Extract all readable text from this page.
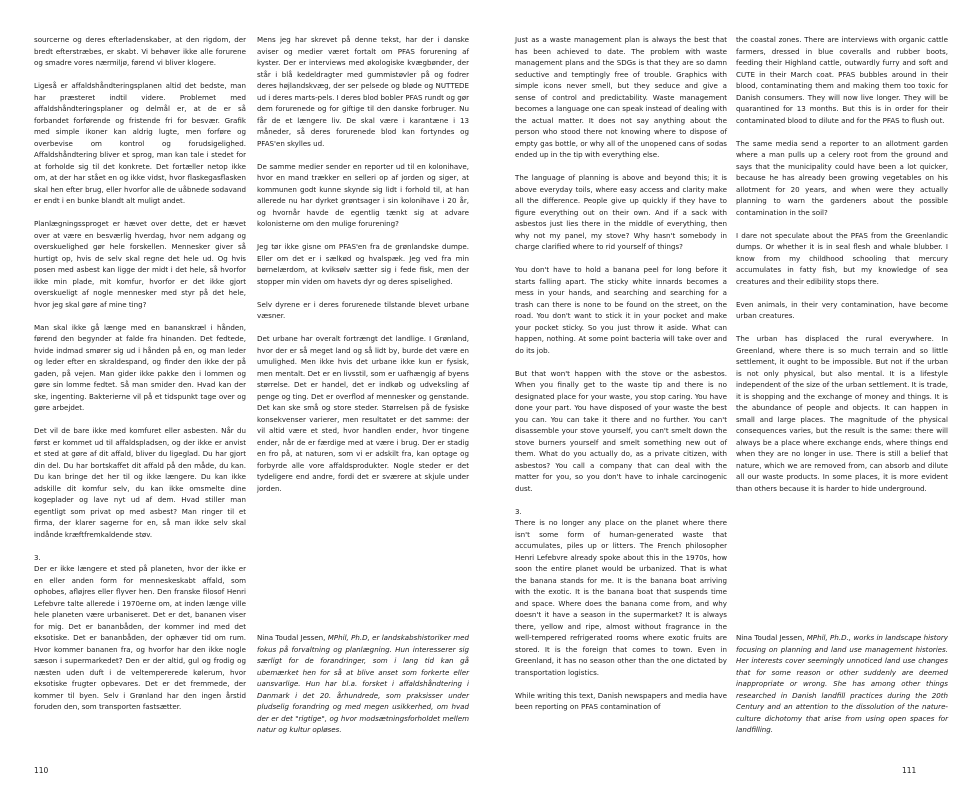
sourcerne og deres efterladenskaber, at den rigdom, der bredt efterstræbes, er skabt. Vi behøver ikke alle forurene og smadre vores nærmiljø, førend vi bliver klogere.

Ligeså er affaldshåndteringsplanen altid det bedste, man har præsteret indtil videre. Problemet med affaldshåndteringsplaner og delmål er, at de er så forbandet forførende og fristende fri for besvær. Grafik med simple ikoner kan aldrig lugte, men forføre og overbevise om kontrol og forudsigelighed. Affaldshåndtering bliver et sprog, man kan tale i stedet for at forholde sig til det konkrete. Det fortæller netop ikke om, at der har stået en og ikke vidst, hvor flaskegasflasken skal hen efter brug, eller hvorfor alle de uåbnede sodavand er endt i en bunke blandt alt muligt andet.

Planlægningssproget er hævet over dette, det er hævet over at være en besværlig hverdag, hvor nem adgang og overskuelighed gør hele forskellen. Mennesker giver så hurtigt op, hvis de selv skal regne det hele ud. Og hvis posen med asbest kan ligge der midt i det hele, så hvorfor ikke min plade, mit komfur, hvorfor er det ikke gjort overskueligt af nogle mennesker med styr på det hele, hvor jeg skal gøre af mine ting?

Man skal ikke gå længe med en bananskræl i hånden, førend den begynder at falde fra hinanden. Det fedtede, hvide indmad smører sig ud i hånden på en, og man leder og leder efter en skraldespand, og finder den ikke der på gaden, på vejen. Man gider ikke pakke den i lommen og gøre sin lomme fedtet. Så man smider den. Hvad kan der ske, ingenting. Bakterierne vil på et tidspunkt tage over og gøre arbejdet.

Det vil de bare ikke med komfuret eller asbesten. Når du først er kommet ud til affaldspladsen, og der ikke er anvist et sted at gøre af dit affald, bliver du ligeglad. Du har gjort din del. Du har bortskaffet dit affald på den måde, du kan. Du kan bringe det her til og ikke længere. Du kan ikke adskille dit komfur selv, du kan ikke omsmelte dine kogeplader og lave nyt ud af dem. Hvad stiller man egentligt som privat op med asbest? Man ringer til et firma, der klarer sagerne for en, så man ikke selv skal indånde kræftfremkaldende støv.

3.

Der er ikke længere et sted på planeten, hvor der ikke er en eller anden form for menneskeskabt affald, som ophobes, afløjres eller flyver hen. Den franske filosof Henri Lefebvre talte allerede i 1970erne om, at inden længe ville hele planeten være urbaniseret. Det er det, bananen viser for mig. Det er bananbåden, der kommer ind med det eksotiske. Det er bananbåden, der ophæver tid om rum. Hvor kommer bananen fra, og hvorfor har den ikke nogle sæson i supermarkedet? Den er der altid, gul og frodig og næsten uden duft i de veltempererede kølerum, hvor eksotiske frugter opbevares. Det er det fremmede, der kommer til byen. Selv i Grønland har den ingen årstid foruden den, som transporten fastsætter.

Mens jeg har skrevet på denne tekst, har der i danske aviser og medier været fortalt om PFAS forurening af kyster. Der er interviews med økologiske kvægbønder, der står i blå kedeldragter med gummistøvler på og fodrer deres højlandskvæg, der ser pelsede og bløde og NUTTEDE ud i deres marts-pels. I deres blod bobler PFAS rundt og gør dem forurenede og for giftige til den danske forbruger. Nu får de et længere liv. De skal være i karantæne i 13 måneder, så deres forurenede blod kan fortyndes og PFAS'en skylles ud.

De samme medier sender en reporter ud til en kolonihave, hvor en mand trækker en selleri op af jorden og siger, at kommunen godt kunne skynde sig lidt i forhold til, at han allerede nu har dyrket grøntsager i sin kolonihave i 20 år, og hvornår havde de egentlig tænkt sig at advare kolonisterne om den mulige forurening?

Jeg tør ikke gisne om PFAS'en fra de grønlandske dumpe. Eller om det er i sælkød og hvalspæk. Jeg ved fra min børnelærdom, at kviksølv sætter sig i fede fisk, men der stopper min viden om havets dyr og deres spiselighed.

Selv dyrene er i deres forurenede tilstande blevet urbane væsner.

Det urbane har overalt fortrængt det landlige. I Grønland, hvor der er så meget land og så lidt by, burde det være en umulighed. Men ikke hvis det urbane ikke kun er fysisk, men mentalt. Det er en livsstil, som er uafhængig af byens størrelse. Det er handel, det er indkøb og udveksling af penge og ting. Det er overflod af mennesker og genstande. Det kan ske små og store steder. Størrelsen på de fysiske konsekvenser varierer, men resultatet er det samme: der vil altid være et sted, hvor handlen ender, hvor tingene ender, når de er færdige med at være i brug. Der er stadig en fro på, at naturen, som vi er adskilt fra, kan optage og forbyrde alle vore affaldsprodukter. Nogle steder er det tydeligere end andre, fordi det er sværere at skjule under jorden.

Nina Toudal Jessen, MPhil, Ph.D, er landskabshistoriker med fokus på forvaltning og planlægning. Hun interesserer sig særligt for de forandringer, som i lang tid kan gå ubemærket hen for så at blive anset som forkerte eller uansvarlige. Hun har bl.a. forsket i affaldshåndtering i Danmark i det 20. århundrede, som praksisser under pludselig forandring og med megen usikkerhed, om hvad der er det "rigtige", og hvor modsætningsforholdet mellem natur og kultur opløses.

110

Just as a waste management plan is always the best that has been achieved to date. The problem with waste management plans and the SDGs is that they are so damn seductive and temptingly free of trouble. Graphics with simple icons never smell, but they seduce and give a sense of control and predictability. Waste management becomes a language one can speak instead of dealing with the actual matter. It does not say anything about the person who stood there not knowing where to dispose of empty gas bottle, or why all of the unopened cans of sodas ended up in the tip with everything else.

The language of planning is above and beyond this; it is above everyday toils, where easy access and clarity make all the difference. People give up quickly if they have to figure everything out on their own. And if a sack with asbestos just lies there in the middle of everything, then why not my panel, my stove? Why hasn't somebody in charge clarified where to rid yourself of things?

You don't have to hold a banana peel for long before it starts falling apart. The sticky white innards becomes a mess in your hands, and searching and searching for a trash can there is none to be found on the street, on the road. You don't want to stick it in your pocket and make your pocket sticky. So you just throw it aside. What can happen, nothing. At some point bacteria will take over and do its job.

But that won't happen with the stove or the asbestos. When you finally get to the waste tip and there is no designated place for your waste, you stop caring. You have done your part. You have disposed of your waste the best you can. You can take it there and no further. You can't disassemble your stove yourself, you can't smelt down the stove burners yourself and smelt something new out of them. What do you actually do, as a private citizen, with asbestos? You call a company that can deal with the matter for you, so you don't have to inhale carcinogenic dust.

3.

There is no longer any place on the planet where there isn't some form of human-generated waste that accumulates, piles up or litters. The French philosopher Henri Lefebvre already spoke about this in the 1970s, how soon the entire planet would be urbanized. That is what the banana stands for me. It is the banana boat arriving with the exotic. It is the banana boat that suspends time and space. Where does the banana come from, and why doesn't it have a season in the supermarket? It is always there, yellow and ripe, almost without fragrance in the well-tempered refrigerated rooms where exotic fruits are stored. It is the foreign that comes to town. Even in Greenland, it has no season other than the one dictated by transportation logistics.

While writing this text, Danish newspapers and media have been reporting on PFAS contamination of

the coastal zones. There are interviews with organic cattle farmers, dressed in blue coveralls and rubber boots, feeding their Highland cattle, outwardly furry and soft and CUTE in their March coat. PFAS bubbles around in their blood, contaminating them and making them too toxic for Danish consumers. They will now live longer. They will be quarantined for 13 months. But this is in order for their contaminated blood to dilute and for the PFAS to flush out.

The same media send a reporter to an allotment garden where a man pulls up a celery root from the ground and says that the municipality could have been a lot quicker, because he has already been growing vegetables on his allotment for 20 years, and when were they actually planning to warn the gardeners about the possible contamination in the soil?

I dare not speculate about the PFAS from the Greenlandic dumps. Or whether it is in seal flesh and whale blubber. I know from my childhood schooling that mercury accumulates in fatty fish, but my knowledge of sea creatures and their edibility stops there.

Even animals, in their very contamination, have become urban creatures.

The urban has displaced the rural everywhere. In Greenland, where there is so much terrain and so little settlement, it ought to be impossible. But not if the urban is not only physical, but also mental. It is a lifestyle independent of the size of the urban settlement. It is trade, it is shopping and the exchange of money and things. It is the abundance of people and objects. It can happen in small and large places. The magnitude of the physical consequences varies, but the result is the same: there will always be a place where exchange ends, where things end when they are no longer in use. There is still a belief that nature, which we are removed from, can absorb and dilute all our waste products. In some places, it is more evident than others because it is harder to hide underground.

Nina Toudal Jessen, MPhil, Ph.D., works in landscape history focusing on planning and land use management histories. Her interests cover seemingly unnoticed land use changes that for some reason or other suddenly are deemed inappropriate or wrong. She has among other things researched in Danish landfill practices during the 20th Century and an attention to the dissolution of the nature-culture dichotomy that arise from using open spaces for landfilling.

111
